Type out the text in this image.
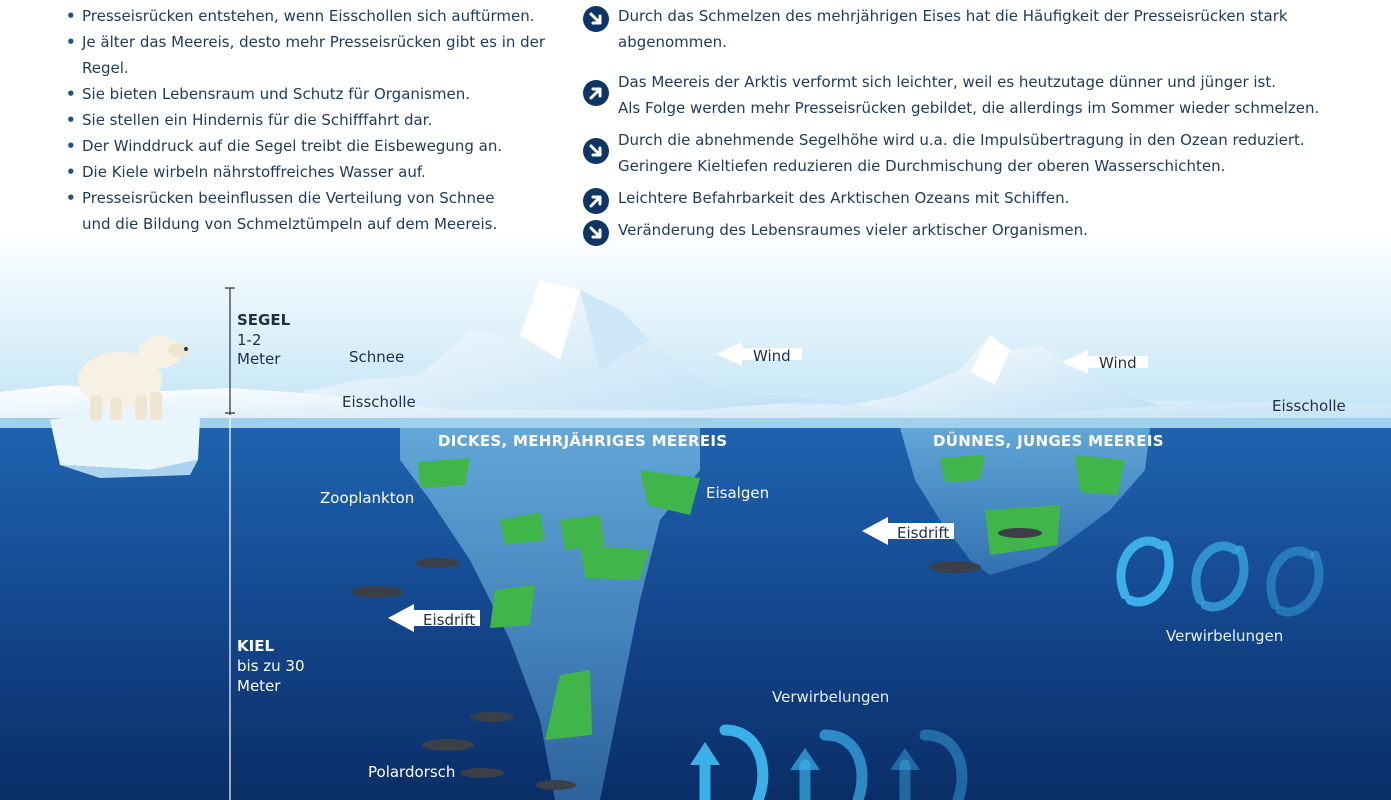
• Presseisrücken entstehen, wenn Eisschollen sich auftürmen.
• Je älter das Meereis, desto mehr Presseisrücken gibt es in der Regel.
• Sie bieten Lebensraum und Schutz für Organismen.
• Sie stellen ein Hindernis für die Schifffahrt dar.
• Der Winddruck auf die Segel treibt die Eisbewegung an.
• Die Kiele wirbeln nährstoffreiches Wasser auf.
• Presseisrücken beeinflussen die Verteilung von Schnee
und die Bildung von Schmelztümpeln auf dem Meereis.
Durch das Schmelzen des mehrjährigen Eises hat die Häufigkeit der Presseisrücken stark abgenommen.
Das Meereis der Arktis verformt sich leichter, weil es heutzutage dünner und jünger ist.
Als Folge werden mehr Presseisrücken gebildet, die allerdings im Sommer wieder schmelzen.
Durch die abnehmende Segelhöhe wird u.a. die Impulsübertragung in den Ozean reduziert.
Geringere Kieltiefen reduzieren die Durchmischung der oberen Wasserschichten.
Leichtere Befahrbarkeit des Arktischen Ozeans mit Schiffen.
Veränderung des Lebensraumes vieler arktischer Organismen.
SEGEL
1-2
Meter
KIEL
bis zu 30
Meter
Schnee
Eisscholle	Eisscholle
Wind	Wind
DICKES, MEHRJÄHRIGES MEEREIS	DÜNNES, JUNGES MEEREIS
Zooplankton	Eisalgen
Eisdrift
Eisdrift
Polardorsch
Verwirbelungen
Verwirbelungen
